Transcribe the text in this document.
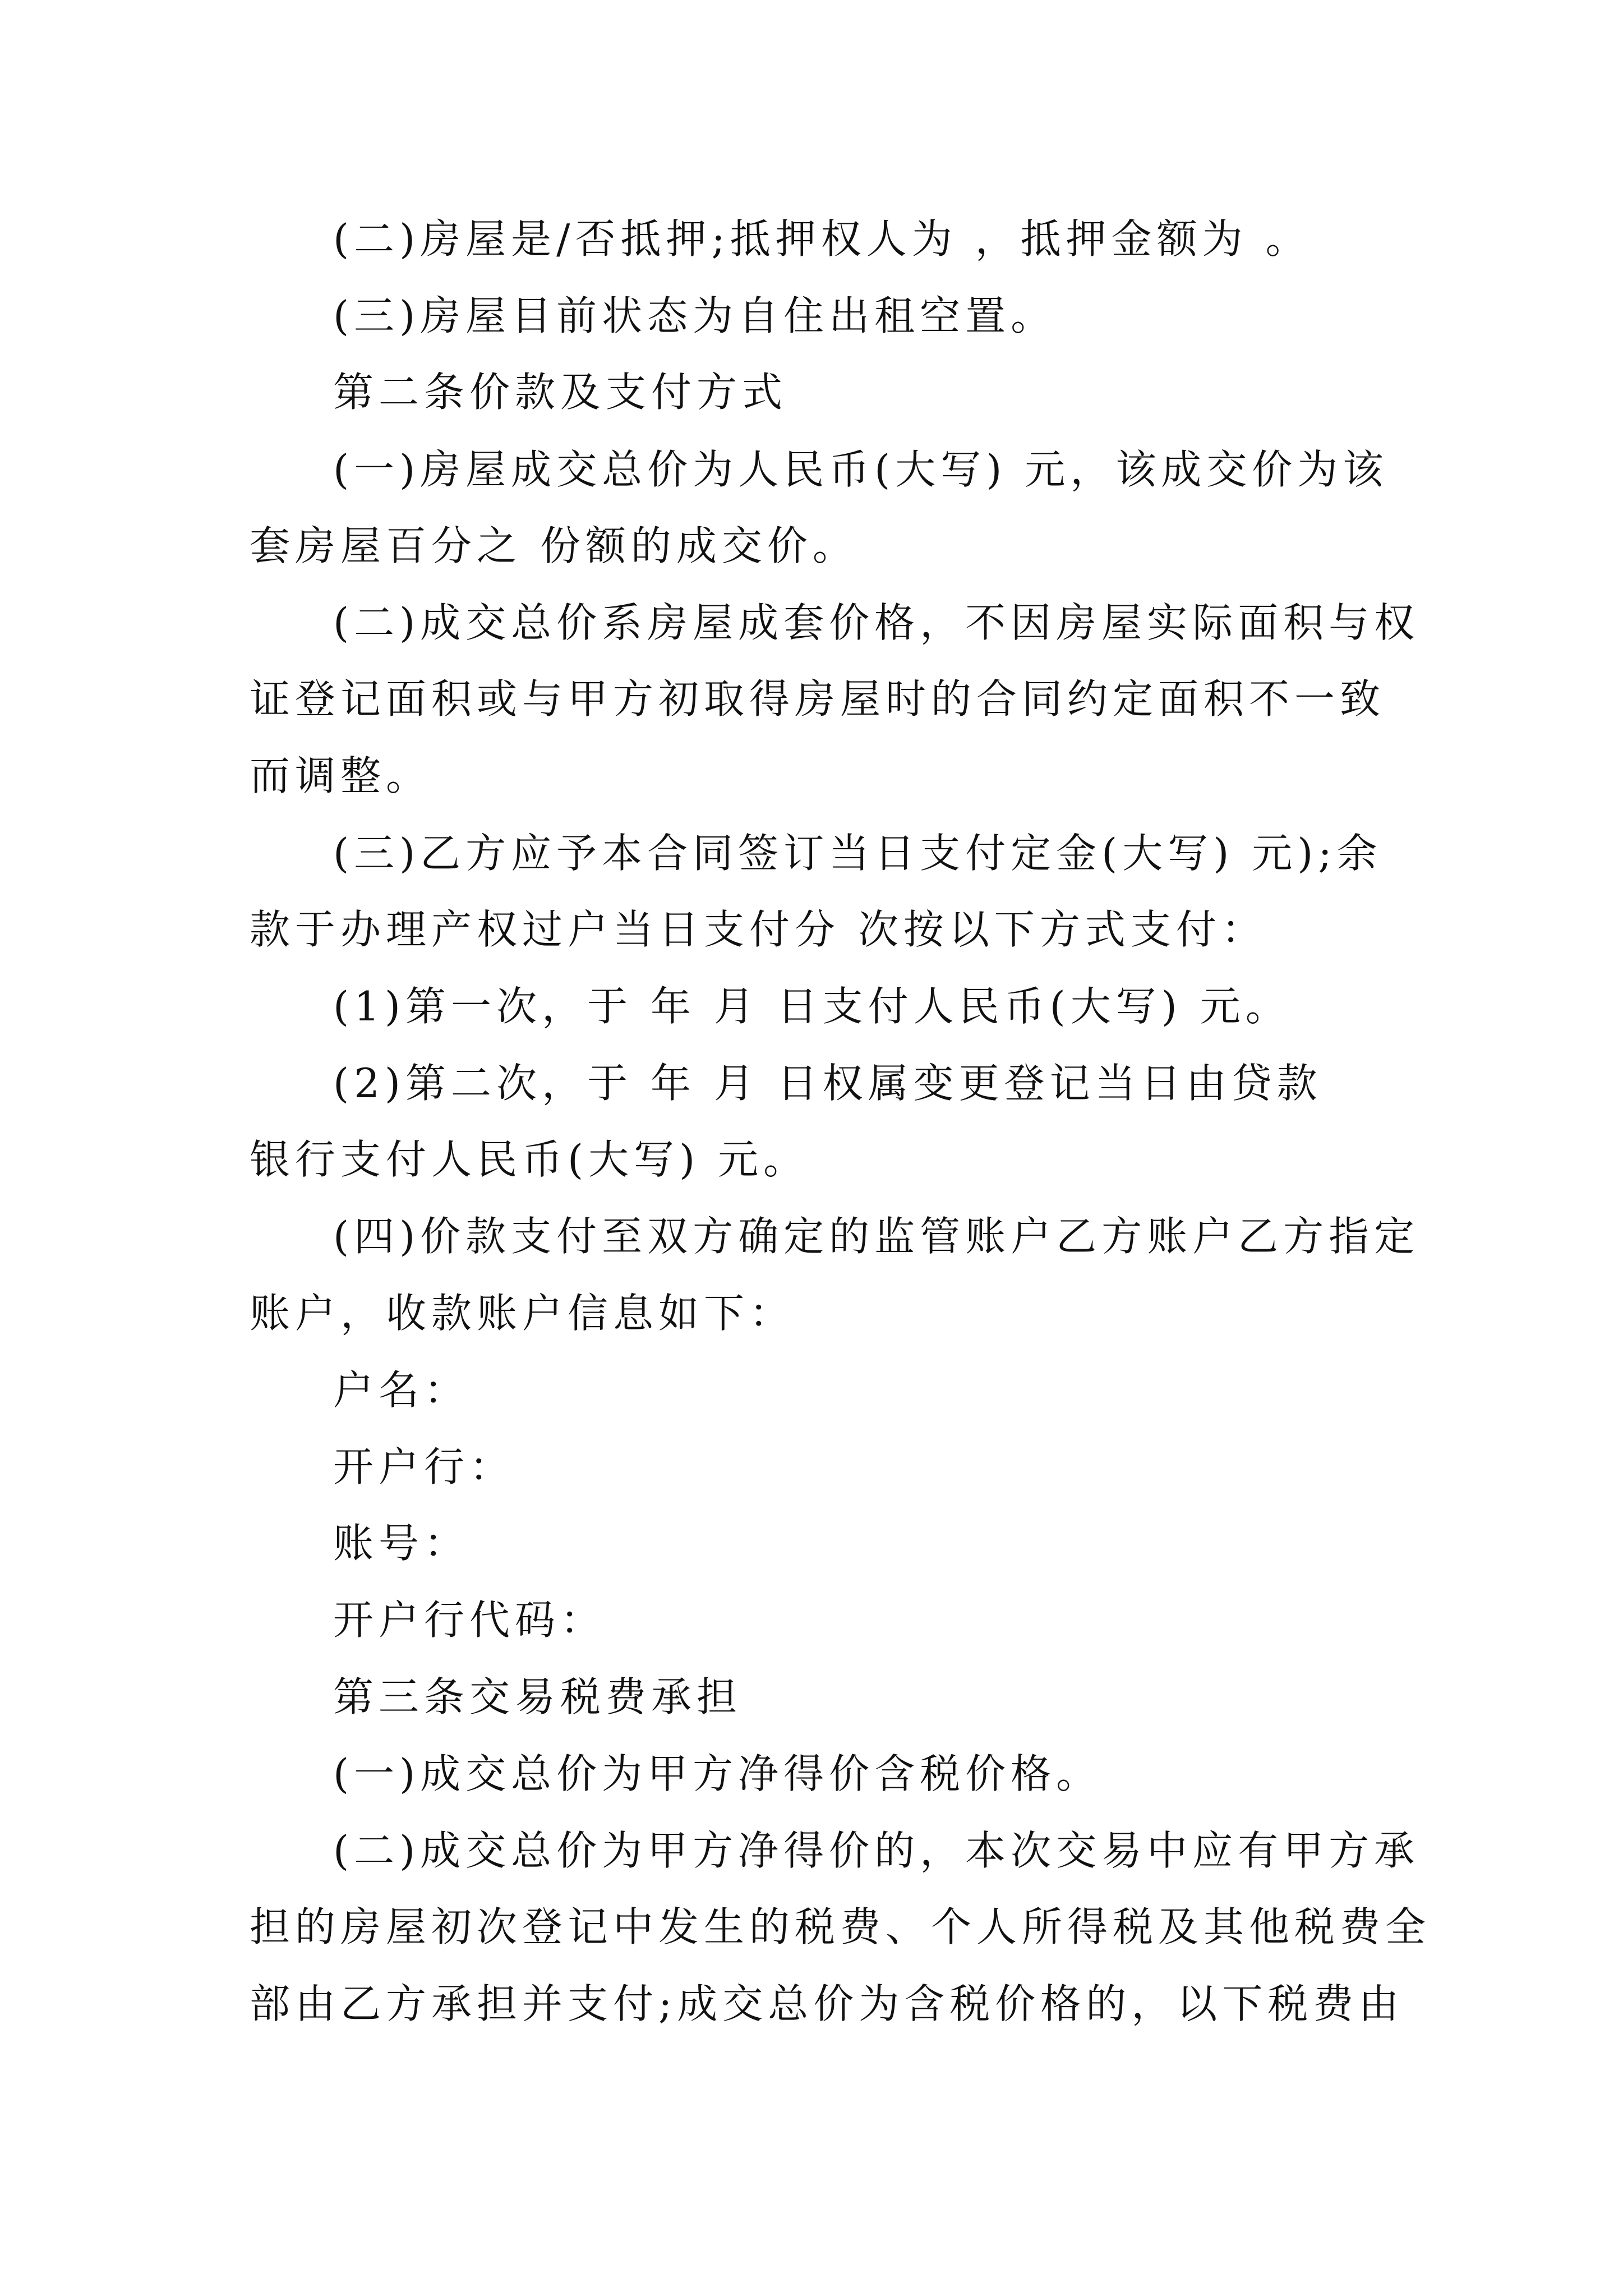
(二)房屋是/否抵押;抵押权人为 ，抵押金额为 。
(三)房屋目前状态为自住出租空置。
第二条价款及支付方式
(一)房屋成交总价为人民币(大写) 元，该成交价为该
套房屋百分之 份额的成交价。
(二)成交总价系房屋成套价格，不因房屋实际面积与权
证登记面积或与甲方初取得房屋时的合同约定面积不一致
而调整。
(三)乙方应予本合同签订当日支付定金(大写) 元);余
款于办理产权过户当日支付分 次按以下方式支付：
(1)第一次，于 年 月 日支付人民币(大写) 元。
(2)第二次，于 年 月 日权属变更登记当日由贷款
银行支付人民币(大写) 元。
(四)价款支付至双方确定的监管账户乙方账户乙方指定
账户，收款账户信息如下：
户名：
开户行：
账号：
开户行代码：
第三条交易税费承担
(一)成交总价为甲方净得价含税价格。
(二)成交总价为甲方净得价的，本次交易中应有甲方承
担的房屋初次登记中发生的税费、个人所得税及其他税费全
部由乙方承担并支付;成交总价为含税价格的，以下税费由
